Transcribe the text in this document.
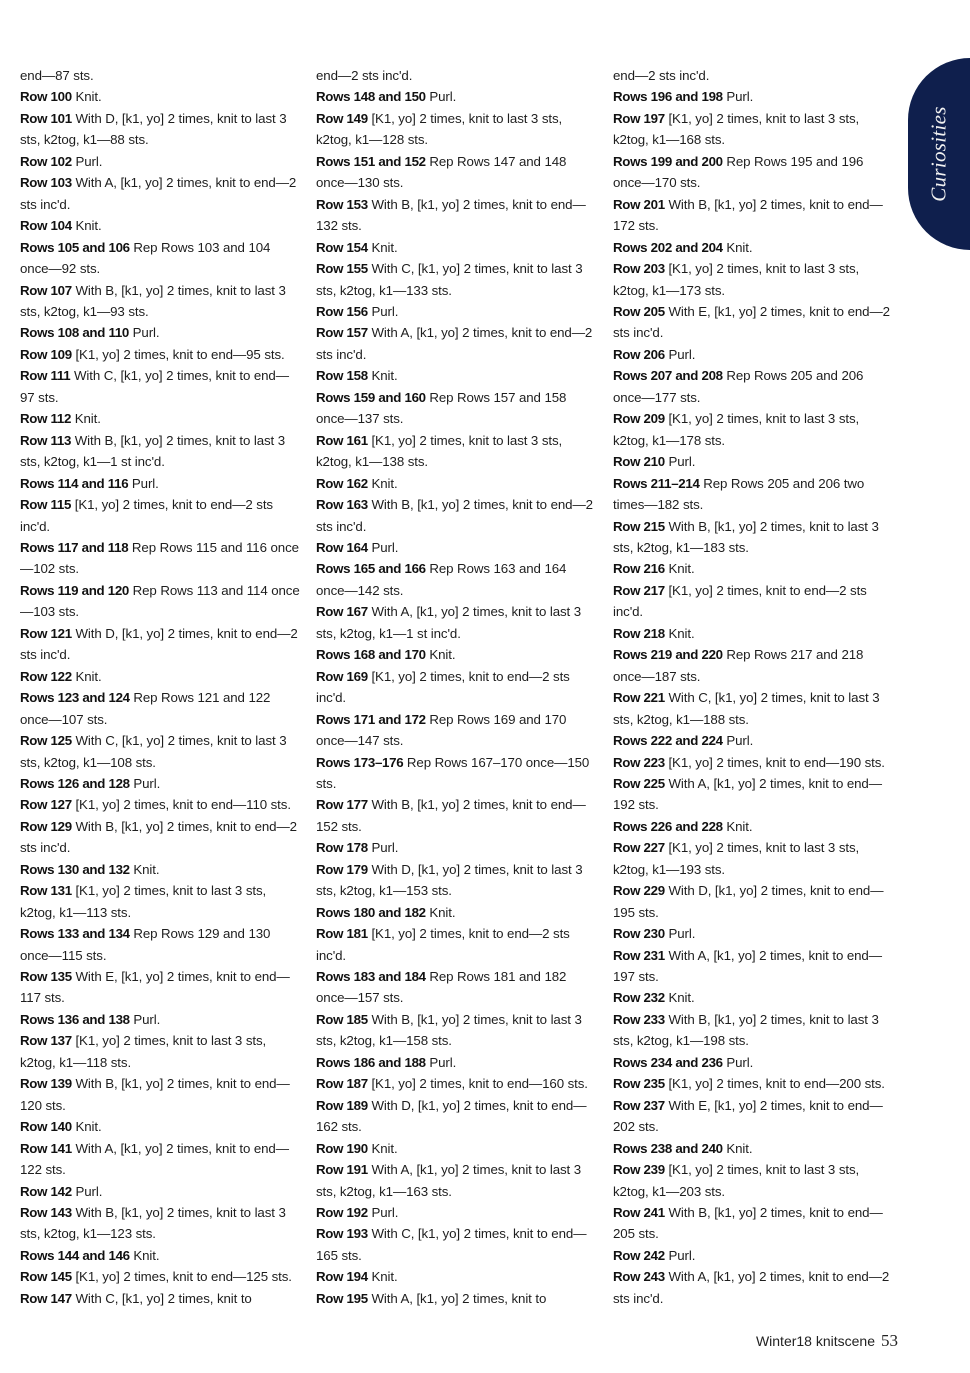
end—87 sts.

Row 100 Knit.

Row 101 With D, [k1, yo] 2 times, knit to last 3 sts, k2tog, k1—88 sts.

Row 102 Purl.

Row 103 With A, [k1, yo] 2 times, knit to end—2 sts inc'd.

Row 104 Knit.

Rows 105 and 106 Rep Rows 103 and 104 once—92 sts.

Row 107 With B, [k1, yo] 2 times, knit to last 3 sts, k2tog, k1—93 sts.

Rows 108 and 110 Purl.

Row 109 [K1, yo] 2 times, knit to end—95 sts.

Row 111 With C, [k1, yo] 2 times, knit to end—97 sts.

Row 112 Knit.

Row 113 With B, [k1, yo] 2 times, knit to last 3 sts, k2tog, k1—1 st inc'd.

Rows 114 and 116 Purl.

Row 115 [K1, yo] 2 times, knit to end—2 sts inc'd.

Rows 117 and 118 Rep Rows 115 and 116 once—102 sts.

Rows 119 and 120 Rep Rows 113 and 114 once—103 sts.

Row 121 With D, [k1, yo] 2 times, knit to end—2 sts inc'd.

Row 122 Knit.

Rows 123 and 124 Rep Rows 121 and 122 once—107 sts.

Row 125 With C, [k1, yo] 2 times, knit to last 3 sts, k2tog, k1—108 sts.

Rows 126 and 128 Purl.

Row 127 [K1, yo] 2 times, knit to end—110 sts.

Row 129 With B, [k1, yo] 2 times, knit to end—2 sts inc'd.

Rows 130 and 132 Knit.

Row 131 [K1, yo] 2 times, knit to last 3 sts, k2tog, k1—113 sts.

Rows 133 and 134 Rep Rows 129 and 130 once—115 sts.

Row 135 With E, [k1, yo] 2 times, knit to end—117 sts.

Rows 136 and 138 Purl.

Row 137 [K1, yo] 2 times, knit to last 3 sts, k2tog, k1—118 sts.

Row 139 With B, [k1, yo] 2 times, knit to end—120 sts.

Row 140 Knit.

Row 141 With A, [k1, yo] 2 times, knit to end—122 sts.

Row 142 Purl.

Row 143 With B, [k1, yo] 2 times, knit to last 3 sts, k2tog, k1—123 sts.

Rows 144 and 146 Knit.

Row 145 [K1, yo] 2 times, knit to end—125 sts.

Row 147 With C, [k1, yo] 2 times, knit to

end—2 sts inc'd.

Rows 148 and 150 Purl.

Row 149 [K1, yo] 2 times, knit to last 3 sts, k2tog, k1—128 sts.

Rows 151 and 152 Rep Rows 147 and 148 once—130 sts.

Row 153 With B, [k1, yo] 2 times, knit to end—132 sts.

Row 154 Knit.

Row 155 With C, [k1, yo] 2 times, knit to last 3 sts, k2tog, k1—133 sts.

Row 156 Purl.

Row 157 With A, [k1, yo] 2 times, knit to end—2 sts inc'd.

Row 158 Knit.

Rows 159 and 160 Rep Rows 157 and 158 once—137 sts.

Row 161 [K1, yo] 2 times, knit to last 3 sts, k2tog, k1—138 sts.

Row 162 Knit.

Row 163 With B, [k1, yo] 2 times, knit to end—2 sts inc'd.

Row 164 Purl.

Rows 165 and 166 Rep Rows 163 and 164 once—142 sts.

Row 167 With A, [k1, yo] 2 times, knit to last 3 sts, k2tog, k1—1 st inc'd.

Rows 168 and 170 Knit.

Row 169 [K1, yo] 2 times, knit to end—2 sts inc'd.

Rows 171 and 172 Rep Rows 169 and 170 once—147 sts.

Rows 173–176 Rep Rows 167–170 once—150 sts.

Row 177 With B, [k1, yo] 2 times, knit to end—152 sts.

Row 178 Purl.

Row 179 With D, [k1, yo] 2 times, knit to last 3 sts, k2tog, k1—153 sts.

Rows 180 and 182 Knit.

Row 181 [K1, yo] 2 times, knit to end—2 sts inc'd.

Rows 183 and 184 Rep Rows 181 and 182 once—157 sts.

Row 185 With B, [k1, yo] 2 times, knit to last 3 sts, k2tog, k1—158 sts.

Rows 186 and 188 Purl.

Row 187 [K1, yo] 2 times, knit to end—160 sts.

Row 189 With D, [k1, yo] 2 times, knit to end—162 sts.

Row 190 Knit.

Row 191 With A, [k1, yo] 2 times, knit to last 3 sts, k2tog, k1—163 sts.

Row 192 Purl.

Row 193 With C, [k1, yo] 2 times, knit to end—165 sts.

Row 194 Knit.

Row 195 With A, [k1, yo] 2 times, knit to

end—2 sts inc'd.

Rows 196 and 198 Purl.

Row 197 [K1, yo] 2 times, knit to last 3 sts, k2tog, k1—168 sts.

Rows 199 and 200 Rep Rows 195 and 196 once—170 sts.

Row 201 With B, [k1, yo] 2 times, knit to end—172 sts.

Rows 202 and 204 Knit.

Row 203 [K1, yo] 2 times, knit to last 3 sts, k2tog, k1—173 sts.

Row 205 With E, [k1, yo] 2 times, knit to end—2 sts inc'd.

Row 206 Purl.

Rows 207 and 208 Rep Rows 205 and 206 once—177 sts.

Row 209 [K1, yo] 2 times, knit to last 3 sts, k2tog, k1—178 sts.

Row 210 Purl.

Rows 211–214 Rep Rows 205 and 206 two times—182 sts.

Row 215 With B, [k1, yo] 2 times, knit to last 3 sts, k2tog, k1—183 sts.

Row 216 Knit.

Row 217 [K1, yo] 2 times, knit to end—2 sts inc'd.

Row 218 Knit.

Rows 219 and 220 Rep Rows 217 and 218 once—187 sts.

Row 221 With C, [k1, yo] 2 times, knit to last 3 sts, k2tog, k1—188 sts.

Rows 222 and 224 Purl.

Row 223 [K1, yo] 2 times, knit to end—190 sts.

Row 225 With A, [k1, yo] 2 times, knit to end—192 sts.

Rows 226 and 228 Knit.

Row 227 [K1, yo] 2 times, knit to last 3 sts, k2tog, k1—193 sts.

Row 229 With D, [k1, yo] 2 times, knit to end—195 sts.

Row 230 Purl.

Row 231 With A, [k1, yo] 2 times, knit to end—197 sts.

Row 232 Knit.

Row 233 With B, [k1, yo] 2 times, knit to last 3 sts, k2tog, k1—198 sts.

Rows 234 and 236 Purl.

Row 235 [K1, yo] 2 times, knit to end—200 sts.

Row 237 With E, [k1, yo] 2 times, knit to end—202 sts.

Rows 238 and 240 Knit.

Row 239 [K1, yo] 2 times, knit to last 3 sts, k2tog, k1—203 sts.

Row 241 With B, [k1, yo] 2 times, knit to end—205 sts.

Row 242 Purl.

Row 243 With A, [k1, yo] 2 times, knit to end—2 sts inc'd.

Curiosities
Winter18 knitscene 53
